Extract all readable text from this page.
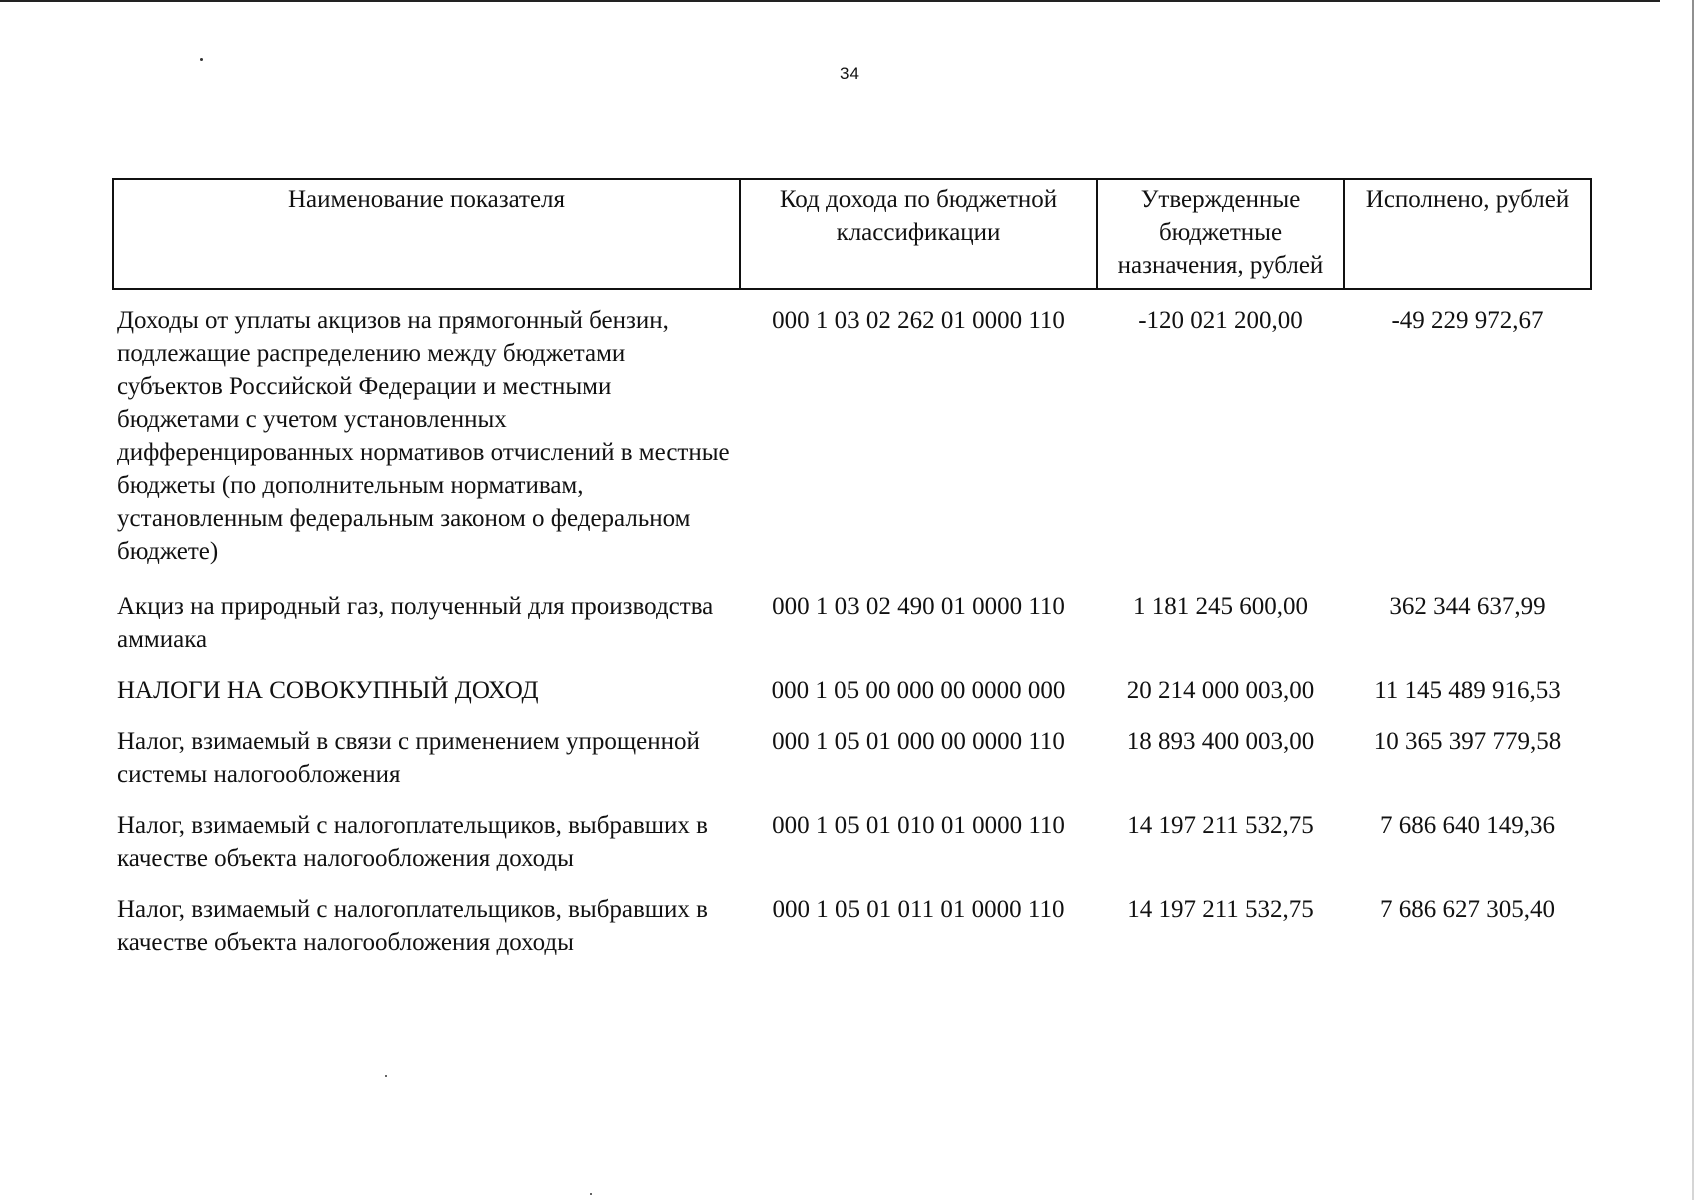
34
Наименование показателя	Код дохода по бюджетной классификации	Утвержденные бюджетные назначения, рублей	Исполнено, рублей
Доходы от уплаты акцизов на прямогонный бензин, подлежащие распределению между бюджетами субъектов Российской Федерации и местными бюджетами с учетом установленных дифференцированных нормативов отчислений в местные бюджеты (по дополнительным нормативам, установленным федеральным законом о федеральном бюджете)	000 1 03 02 262 01 0000 110	-120 021 200,00	-49 229 972,67
Акциз на природный газ, полученный для производства аммиака	000 1 03 02 490 01 0000 110	1 181 245 600,00	362 344 637,99
НАЛОГИ НА СОВОКУПНЫЙ ДОХОД	000 1 05 00 000 00 0000 000	20 214 000 003,00	11 145 489 916,53
Налог, взимаемый в связи с применением упрощенной системы налогообложения	000 1 05 01 000 00 0000 110	18 893 400 003,00	10 365 397 779,58
Налог, взимаемый с налогоплательщиков, выбравших в качестве объекта налогообложения доходы	000 1 05 01 010 01 0000 110	14 197 211 532,75	7 686 640 149,36
Налог, взимаемый с налогоплательщиков, выбравших в качестве объекта налогообложения доходы	000 1 05 01 011 01 0000 110	14 197 211 532,75	7 686 627 305,40
